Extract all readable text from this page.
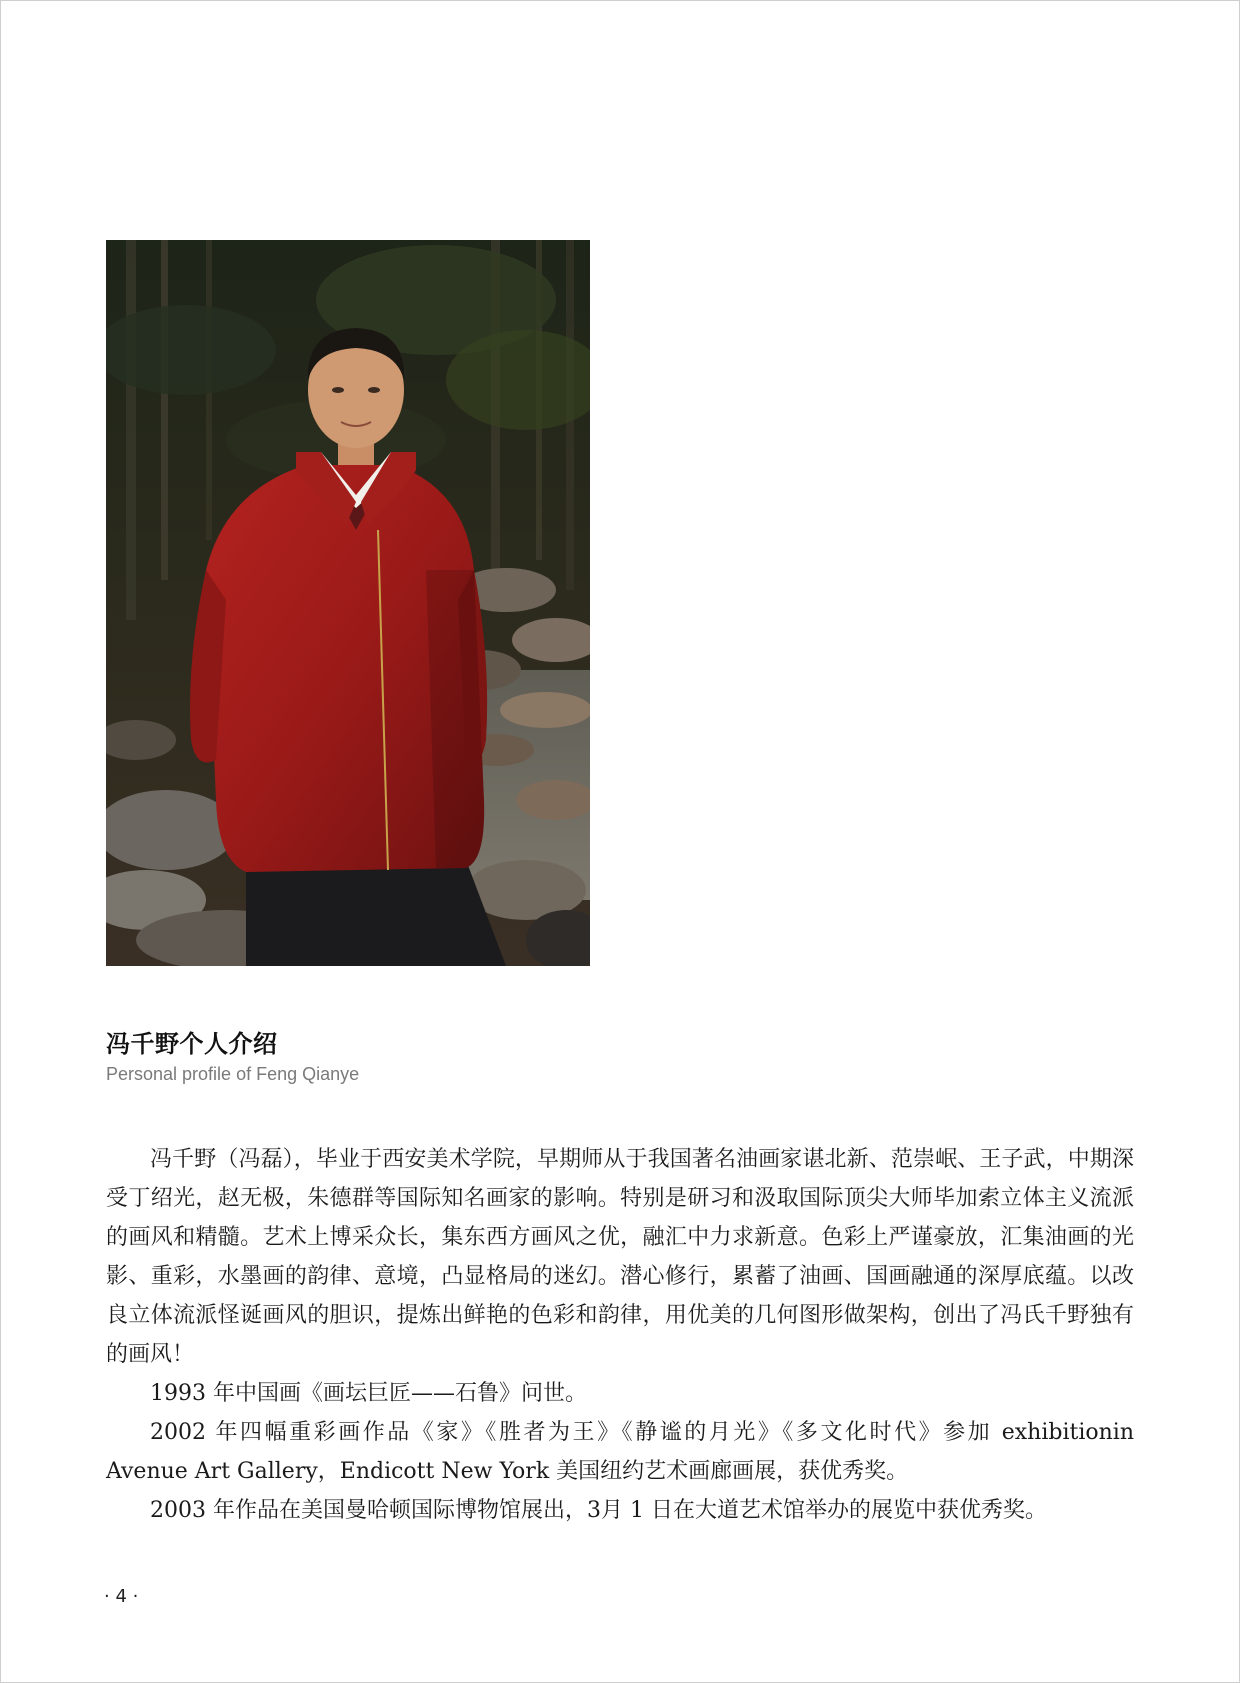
冯千野个人介绍
Personal profile of Feng Qianye

冯千野（冯磊），毕业于西安美术学院，早期师从于我国著名油画家谌北新、范崇岷、王子武，中期深受丁绍光，赵无极，朱德群等国际知名画家的影响。特别是研习和汲取国际顶尖大师毕加索立体主义流派的画风和精髓。艺术上博采众长，集东西方画风之优，融汇中力求新意。色彩上严谨豪放，汇集油画的光影、重彩，水墨画的韵律、意境，凸显格局的迷幻。潜心修行，累蓄了油画、国画融通的深厚底蕴。以改良立体流派怪诞画风的胆识，提炼出鲜艳的色彩和韵律，用优美的几何图形做架构，创出了冯氏千野独有的画风！

1993 年中国画《画坛巨匠——石鲁》问世。

2002 年四幅重彩画作品《家》《胜者为王》《静谧的月光》《多文化时代》参加 exhibitionin Avenue Art Gallery，Endicott New York 美国纽约艺术画廊画展，获优秀奖。

2003 年作品在美国曼哈顿国际博物馆展出，3月 1 日在大道艺术馆举办的展览中获优秀奖。

· 4 ·
